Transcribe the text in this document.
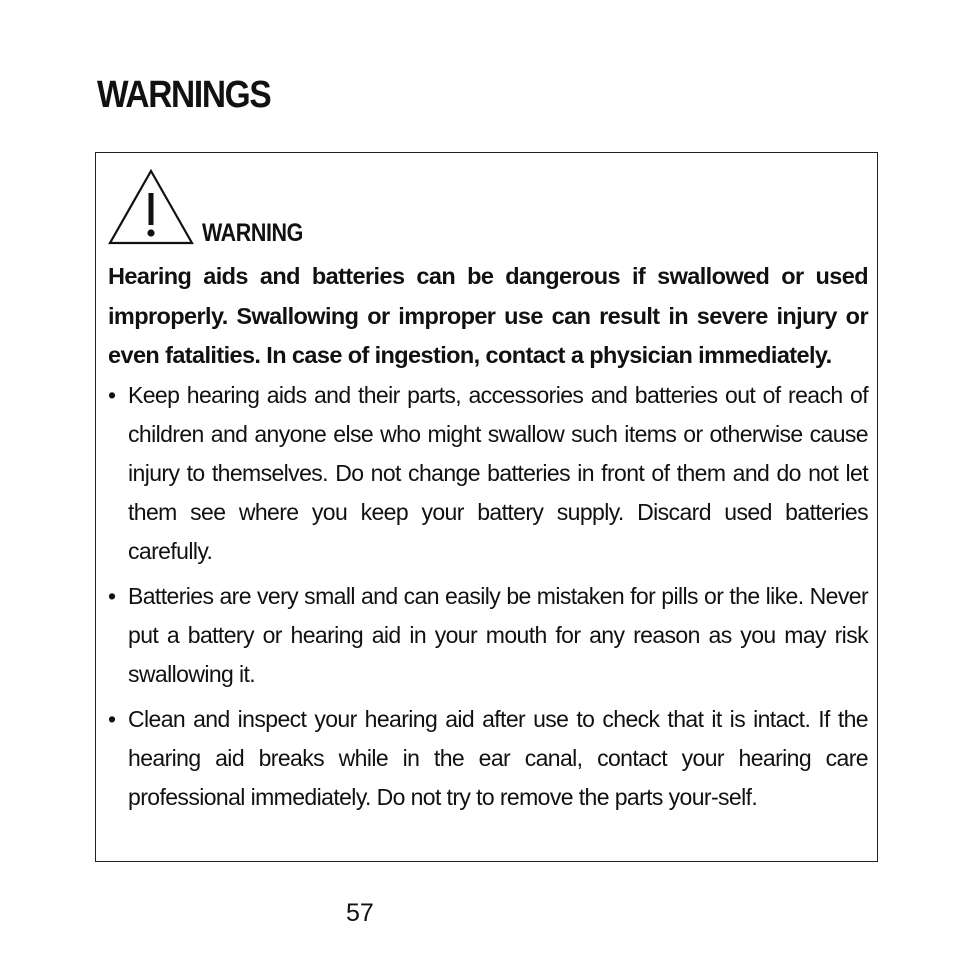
WARNINGS
WARNING

Hearing aids and batteries can be dangerous if swallowed or used improperly. Swallowing or improper use can result in severe injury or even fatalities. In case of ingestion, contact a physician immediately.

• Keep hearing aids and their parts, accessories and batteries out of reach of children and anyone else who might swallow such items or otherwise cause injury to themselves. Do not change batteries in front of them and do not let them see where you keep your battery supply. Discard used batteries carefully.
• Batteries are very small and can easily be mistaken for pills or the like. Never put a battery or hearing aid in your mouth for any reason as you may risk swallowing it.
• Clean and inspect your hearing aid after use to check that it is intact. If the hearing aid breaks while in the ear canal, contact your hearing care professional immediately. Do not try to remove the parts your-self.
57
